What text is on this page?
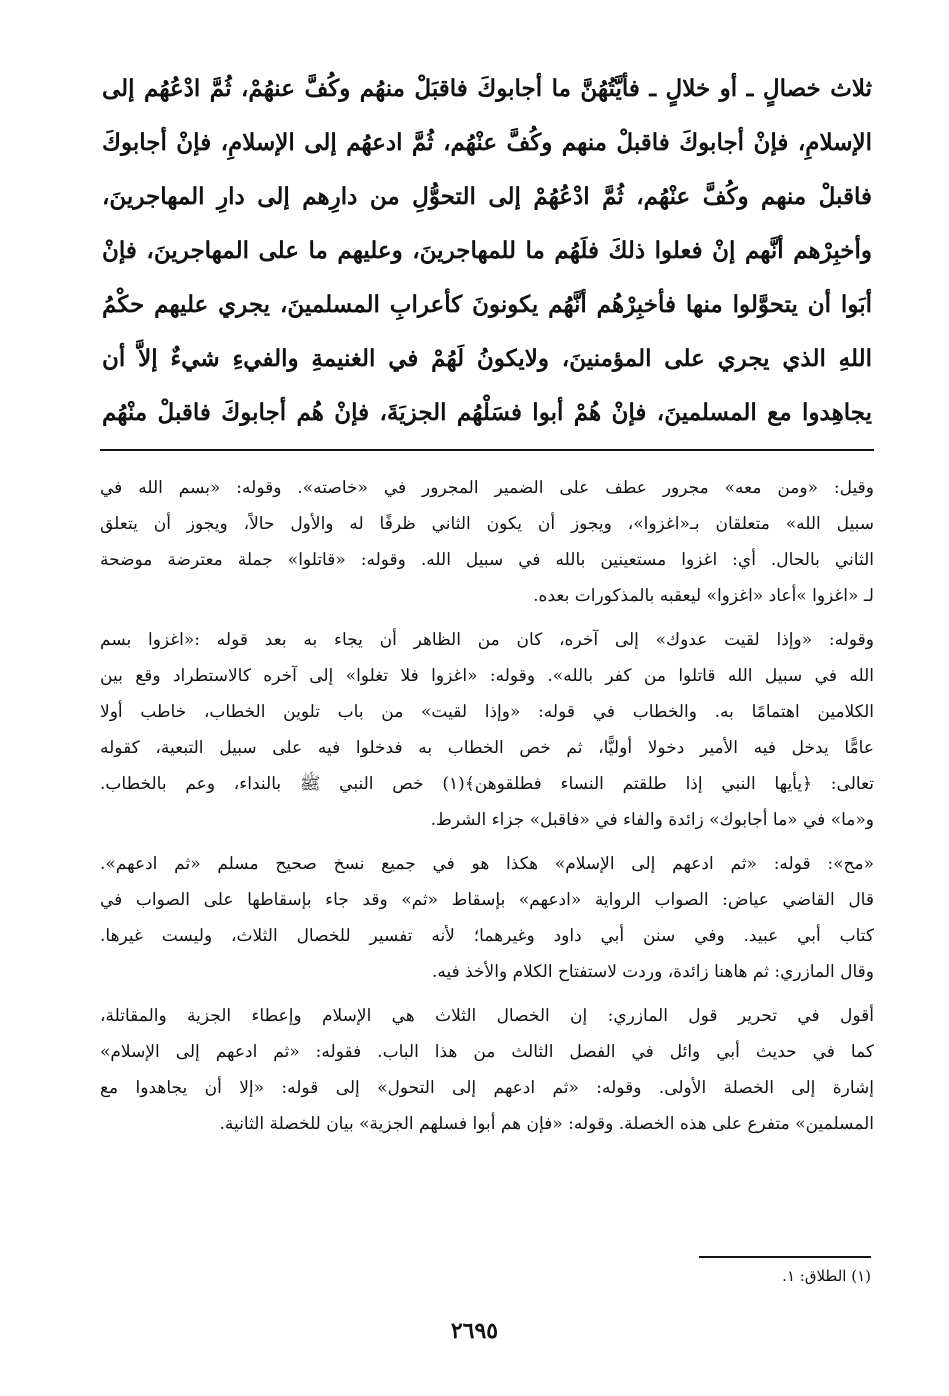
ثلاث خصالٍ ـ أو خلالٍ ـ فأيَّتُهُنَّ ما أجابوكَ فاقبَلْ منهُم وكُفَّ عنهُمْ، ثُمَّ ادْعُهُم إلى
الإسلامِ، فإنْ أجابوكَ فاقبلْ منهم وكُفَّ عنْهُم، ثُمَّ ادعهُم إلى الإسلامِ، فإنْ أجابوكَ
فاقبلْ منهم وكُفَّ عنْهُم، ثُمَّ ادْعُهُمْ إلى التحوُّلِ من دارِهم إلى دارِ المهاجرينَ،
وأخبِرْهم أنَّهم إنْ فعلوا ذلكَ فلَهُم ما للمهاجرينَ، وعليهم ما على المهاجرينَ، فإنْ
أبَوا أن يتحوَّلوا منها فأخبِرْهُم أنَّهُم يكونونَ كأعرابِ المسلمينَ، يجري عليهم حكْمُ
اللهِ الذي يجري على المؤمنينَ، ولايكونُ لَهُمْ في الغنيمةِ والفيءِ شيءٌ إلاَّ أن
يجاهِدوا مع المسلمينَ، فإنْ هُمْ أبوا فسَلْهُم الجزيَةَ، فإنْ هُم أجابوكَ فاقبلْ منْهُم
وقيل: «ومن معه» مجرور عطف على الضمير المجرور في «خاصته». وقوله: «بسم الله في
سبيل الله» متعلقان بـ«اغزوا»، ويجوز أن يكون الثاني ظرفًا له والأول حالاً، ويجوز أن يتعلق
الثاني بالحال. أي: اغزوا مستعينين بالله في سبيل الله. وقوله: «قاتلوا» جملة معترضة موضحة
لـ «اغزوا »أعاد «اغزوا» ليعقبه بالمذكورات بعده.
وقوله: «وإذا لقيت عدوك» إلى آخره، كان من الظاهر أن يجاء به بعد قوله :«اغزوا بسم
الله في سبيل الله قاتلوا من كفر بالله». وقوله: «اغزوا فلا تغلوا» إلى آخره كالاستطراد وقع بين
الكلامين اهتمامًا به. والخطاب في قوله: «وإذا لقيت» من باب تلوين الخطاب، خاطب أولا
عامًّا يدخل فيه الأمير دخولا أوليًّا، ثم خص الخطاب به فدخلوا فيه على سبيل التبعية، كقوله
تعالى: ﴿يأيها النبي إذا طلقتم النساء فطلقوهن﴾(١) خص النبي ﷺ بالنداء، وعم بالخطاب.
و«ما» في «ما أجابوك» زائدة والفاء في «فاقبل» جزاء الشرط.
«مح»: قوله: «ثم ادعهم إلى الإسلام» هكذا هو في جميع نسخ صحيح مسلم «ثم ادعهم».
قال القاضي عياض: الصواب الرواية «ادعهم» بإسقاط «ثم» وقد جاء بإسقاطها على الصواب في
كتاب أبي عبيد. وفي سنن أبي داود وغيرهما؛ لأنه تفسير للخصال الثلاث، وليست غيرها.
وقال المازري: ثم هاهنا زائدة، وردت لاستفتاح الكلام والأخذ فيه.
أقول في تحرير قول المازري: إن الخصال الثلاث هي الإسلام وإعطاء الجزية والمقاتلة،
كما في حديث أبي وائل في الفصل الثالث من هذا الباب. فقوله: «ثم ادعهم إلى الإسلام»
إشارة إلى الخصلة الأولى. وقوله: «ثم ادعهم إلى التحول» إلى قوله: «إلا أن يجاهدوا مع
المسلمين» متفرع على هذه الخصلة. وقوله: «فإن هم أبوا فسلهم الجزية» بيان للخصلة الثانية.
(١) الطلاق: ١.
٢٦٩٥
